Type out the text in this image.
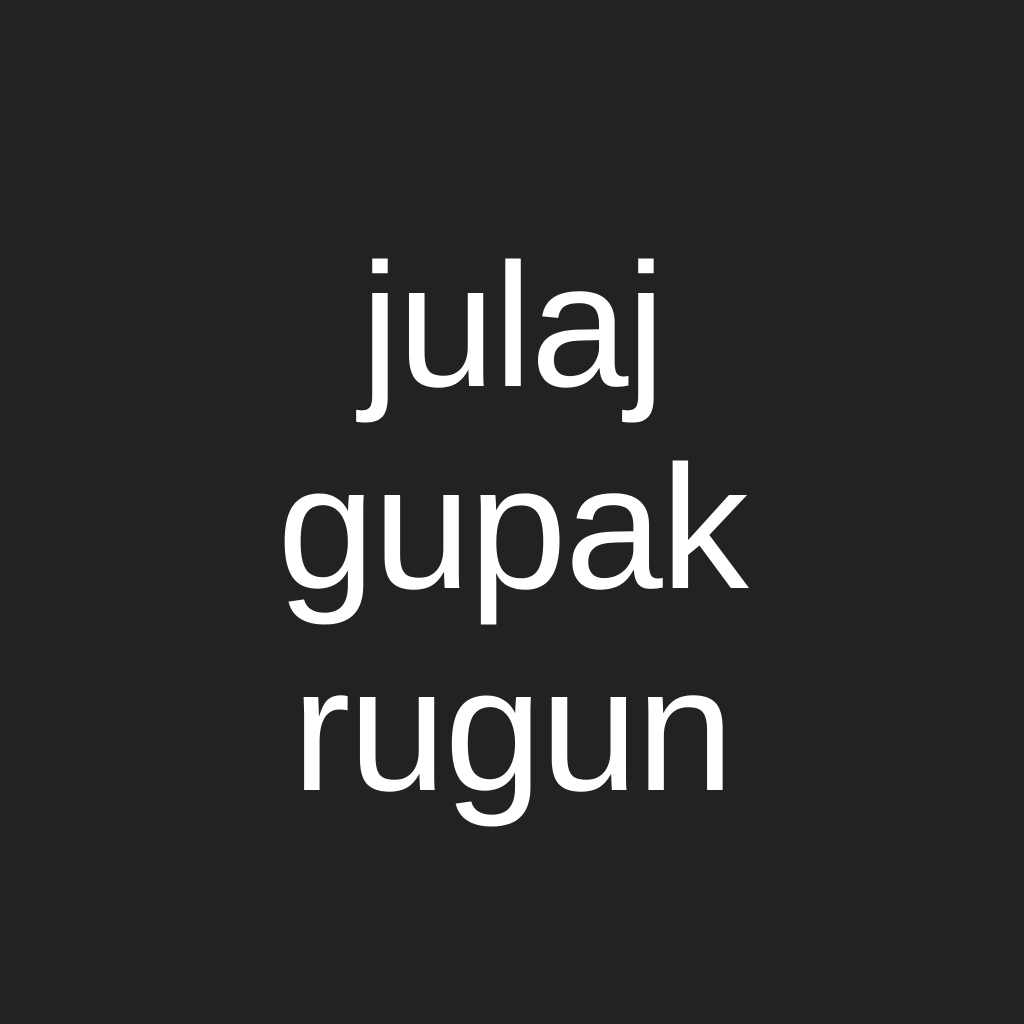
julaj
gupak
rugun
